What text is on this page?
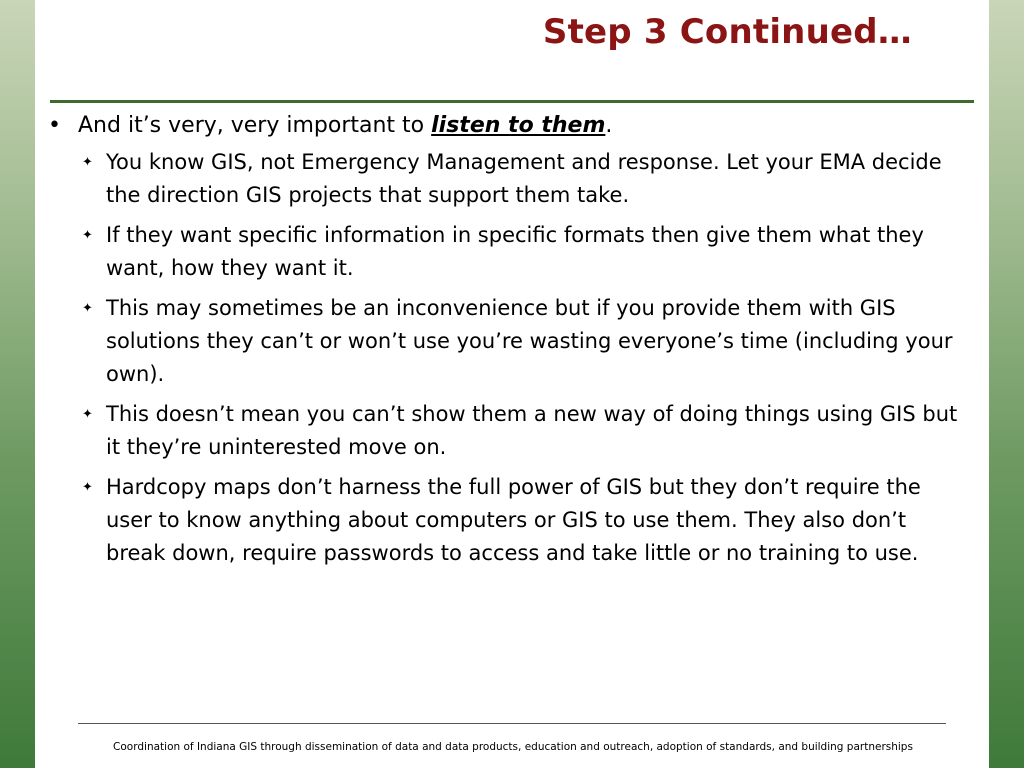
Step 3 Continued…
• And it’s very, very important to listen to them.
✦ You know GIS, not Emergency Management and response. Let your EMA decide the direction GIS projects that support them take.
✦ If they want specific information in specific formats then give them what they want, how they want it.
✦ This may sometimes be an inconvenience but if you provide them with GIS solutions they can’t or won’t use you’re wasting everyone’s time (including your own).
✦ This doesn’t mean you can’t show them a new way of doing things using GIS but it they’re uninterested move on.
✦ Hardcopy maps don’t harness the full power of GIS but they don’t require the user to know anything about computers or GIS to use them. They also don’t break down, require passwords to access and take little or no training to use.
Coordination of Indiana GIS through dissemination of data and data products, education and outreach, adoption of standards, and building partnerships
